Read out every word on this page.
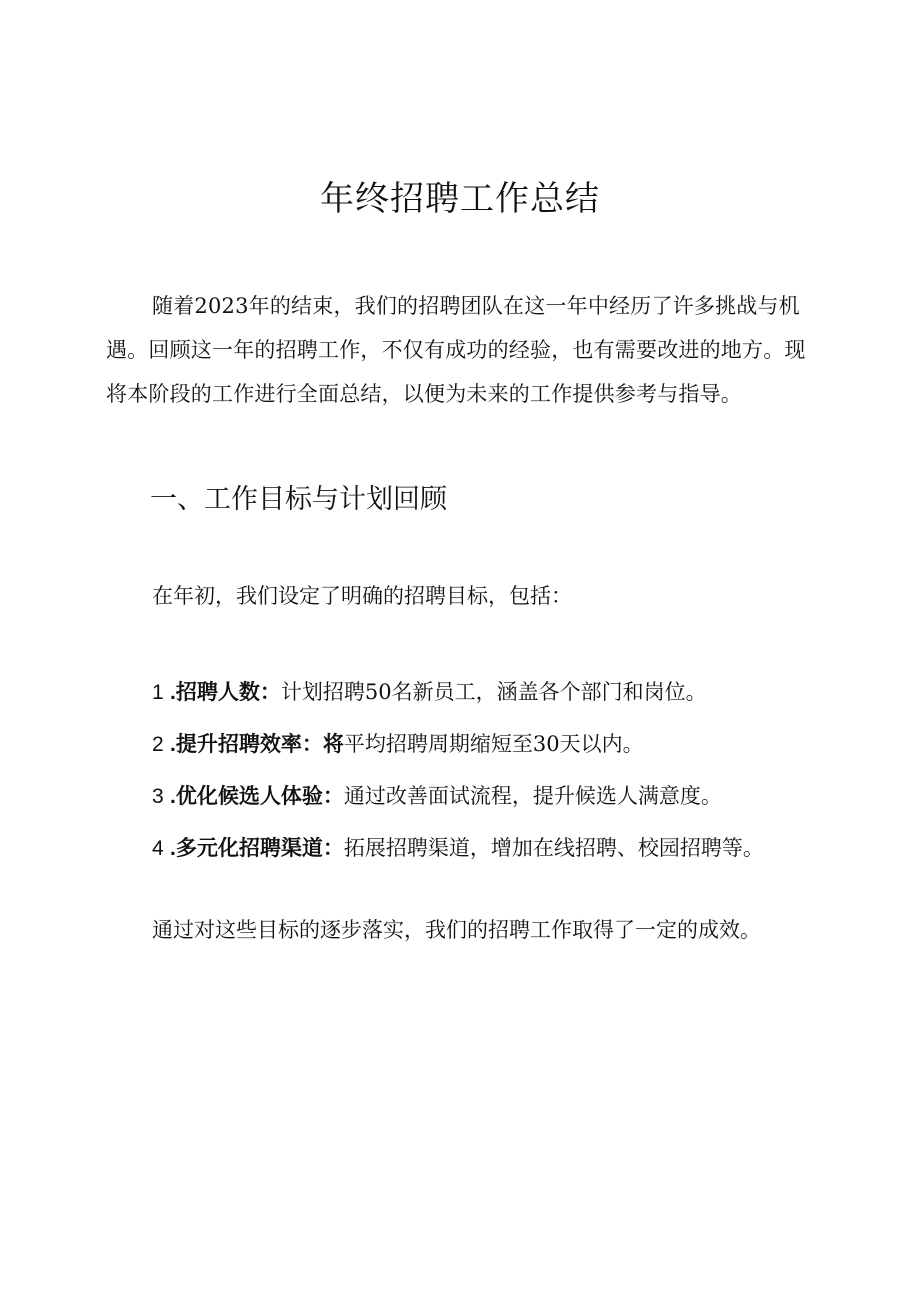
年终招聘工作总结

随着2023年的结束，我们的招聘团队在这一年中经历了许多挑战与机遇。回顾这一年的招聘工作，不仅有成功的经验，也有需要改进的地方。现将本阶段的工作进行全面总结，以便为未来的工作提供参考与指导。

一、工作目标与计划回顾

在年初，我们设定了明确的招聘目标，包括：

1 .招聘人数：计划招聘50名新员工，涵盖各个部门和岗位。
2 .提升招聘效率：将平均招聘周期缩短至30天以内。
3 .优化候选人体验：通过改善面试流程，提升候选人满意度。
4 .多元化招聘渠道：拓展招聘渠道，增加在线招聘、校园招聘等。

通过对这些目标的逐步落实，我们的招聘工作取得了一定的成效。
